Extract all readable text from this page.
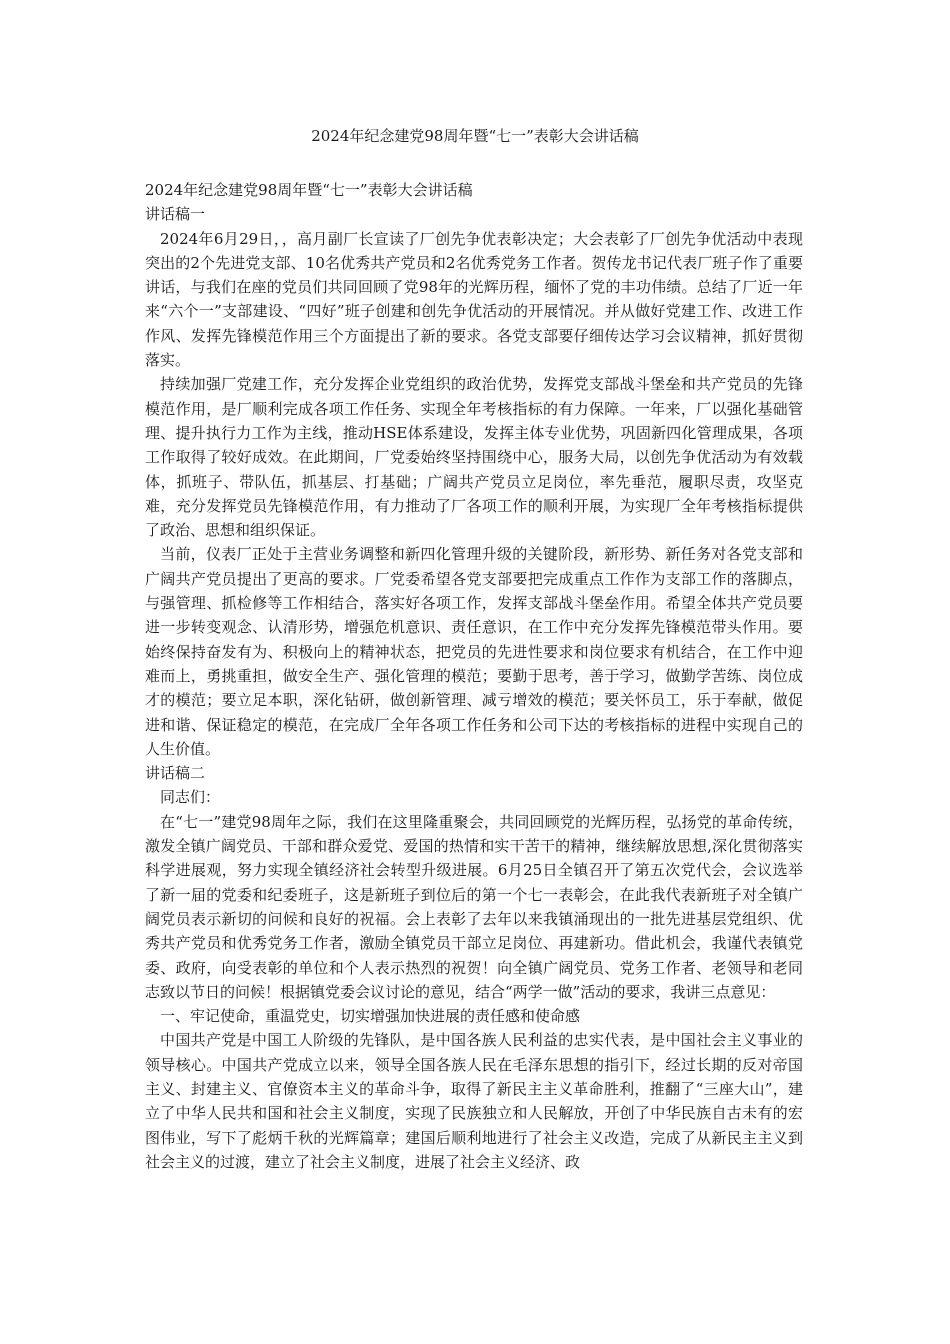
2024年纪念建党98周年暨“七一”表彰大会讲话稿

2024年纪念建党98周年暨“七一”表彰大会讲话稿

讲话稿一

2024年6月29日，，高月副厂长宣读了厂创先争优表彰决定；大会表彰了厂创先争优活动中表现突出的2个先进党支部、10名优秀共产党员和2名优秀党务工作者。贺传龙书记代表厂班子作了重要讲话，与我们在座的党员们共同回顾了党98年的光辉历程，缅怀了党的丰功伟绩。总结了厂近一年来“六个一”支部建设、“四好”班子创建和创先争优活动的开展情况。并从做好党建工作、改进工作作风、发挥先锋模范作用三个方面提出了新的要求。各党支部要仔细传达学习会议精神，抓好贯彻落实。

持续加强厂党建工作，充分发挥企业党组织的政治优势，发挥党支部战斗堡垒和共产党员的先锋模范作用，是厂顺利完成各项工作任务、实现全年考核指标的有力保障。一年来，厂以强化基础管理、提升执行力工作为主线，推动HSE体系建设，发挥主体专业优势，巩固新四化管理成果，各项工作取得了较好成效。在此期间，厂党委始终坚持围绕中心，服务大局，以创先争优活动为有效载体，抓班子、带队伍，抓基层、打基础；广阔共产党员立足岗位，率先垂范，履职尽责，攻坚克难，充分发挥党员先锋模范作用，有力推动了厂各项工作的顺利开展，为实现厂全年考核指标提供了政治、思想和组织保证。

当前，仪表厂正处于主营业务调整和新四化管理升级的关键阶段，新形势、新任务对各党支部和广阔共产党员提出了更高的要求。厂党委希望各党支部要把完成重点工作作为支部工作的落脚点，与强管理、抓检修等工作相结合，落实好各项工作，发挥支部战斗堡垒作用。希望全体共产党员要进一步转变观念、认清形势，增强危机意识、责任意识，在工作中充分发挥先锋模范带头作用。要始终保持奋发有为、积极向上的精神状态，把党员的先进性要求和岗位要求有机结合，在工作中迎难而上，勇挑重担，做安全生产、强化管理的模范；要勤于思考，善于学习，做勤学苦练、岗位成才的模范；要立足本职，深化钻研，做创新管理、减亏增效的模范；要关怀员工，乐于奉献，做促进和谐、保证稳定的模范，在完成厂全年各项工作任务和公司下达的考核指标的进程中实现自己的人生价值。

讲话稿二

同志们：

在“七一”建党98周年之际，我们在这里隆重聚会，共同回顾党的光辉历程，弘扬党的革命传统，激发全镇广阔党员、干部和群众爱党、爱国的热情和实干苦干的精神，继续解放思想,深化贯彻落实科学进展观，努力实现全镇经济社会转型升级进展。6月25日全镇召开了第五次党代会，会议选举了新一届的党委和纪委班子，这是新班子到位后的第一个七一表彰会，在此我代表新班子对全镇广阔党员表示新切的问候和良好的祝福。会上表彰了去年以来我镇涌现出的一批先进基层党组织、优秀共产党员和优秀党务工作者，激励全镇党员干部立足岗位、再建新功。借此机会，我谨代表镇党委、政府，向受表彰的单位和个人表示热烈的祝贺！向全镇广阔党员、党务工作者、老领导和老同志致以节日的问候！根据镇党委会议讨论的意见，结合“两学一做”活动的要求，我讲三点意见：

一、牢记使命，重温党史，切实增强加快进展的责任感和使命感

中国共产党是中国工人阶级的先锋队，是中国各族人民利益的忠实代表，是中国社会主义事业的领导核心。中国共产党成立以来，领导全国各族人民在毛泽东思想的指引下，经过长期的反对帝国主义、封建主义、官僚资本主义的革命斗争，取得了新民主主义革命胜利，推翻了“三座大山”，建立了中华人民共和国和社会主义制度，实现了民族独立和人民解放，开创了中华民族自古未有的宏图伟业，写下了彪炳千秋的光辉篇章；建国后顺利地进行了社会主义改造，完成了从新民主主义到社会主义的过渡，建立了社会主义制度，进展了社会主义经济、政
